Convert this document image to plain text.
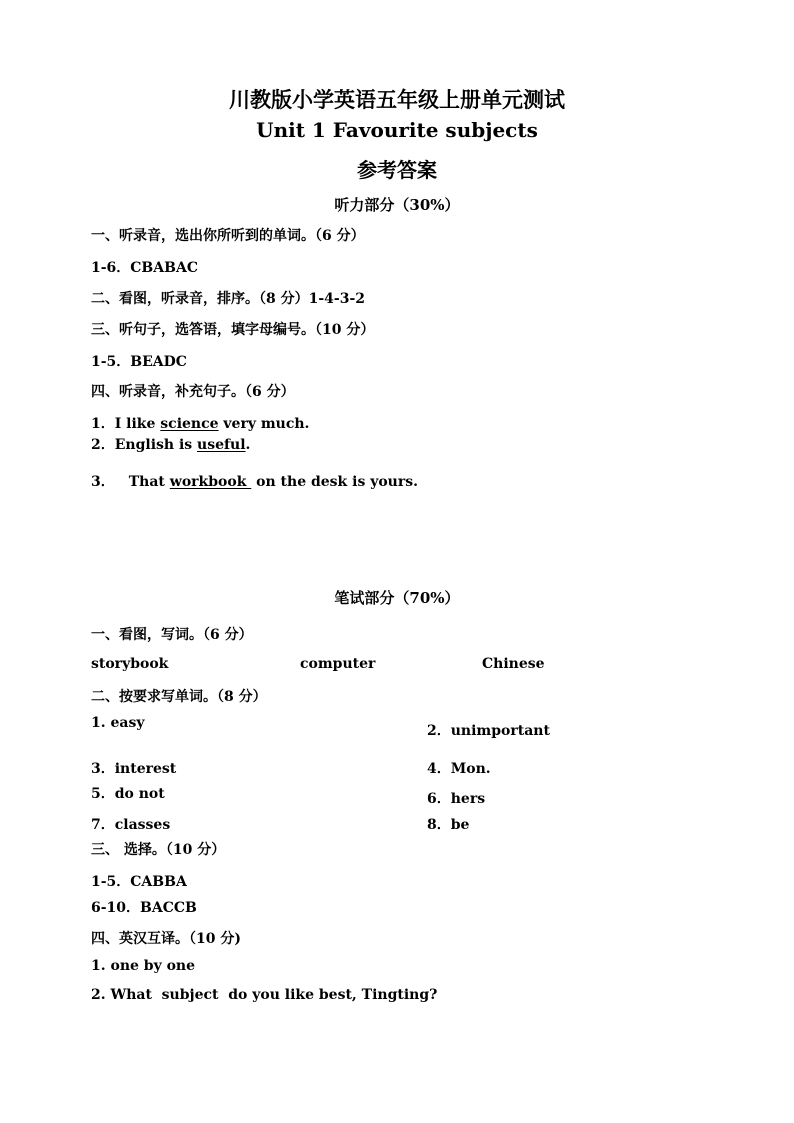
川教版小学英语五年级上册单元测试
Unit 1 Favourite subjects
参考答案
听力部分（30%）
一、听录音，选出你所听到的单词。（6 分）
1-6．CBABAC
二、看图，听录音，排序。（8 分）1-4-3-2
三、听句子，选答语，填字母编号。（10 分）
1-5．BEADC
四、听录音，补充句子。（6 分）
1．I like science very much.
2．English is useful.
3． That workbook  on the desk is yours.
笔试部分（70%）
一、看图，写词。（6 分）
storybook	computer	Chinese
二、按要求写单词。（8 分）
1. easy	2．unimportant
3．interest	4．Mon.
5．do not	6．hers
7．classes	8．be
三、 选择。（10 分）
1-5．CABBA
6-10．BACCB
四、英汉互译。（10 分)
1. one by one
2. What  subject  do you like best, Tingting?
